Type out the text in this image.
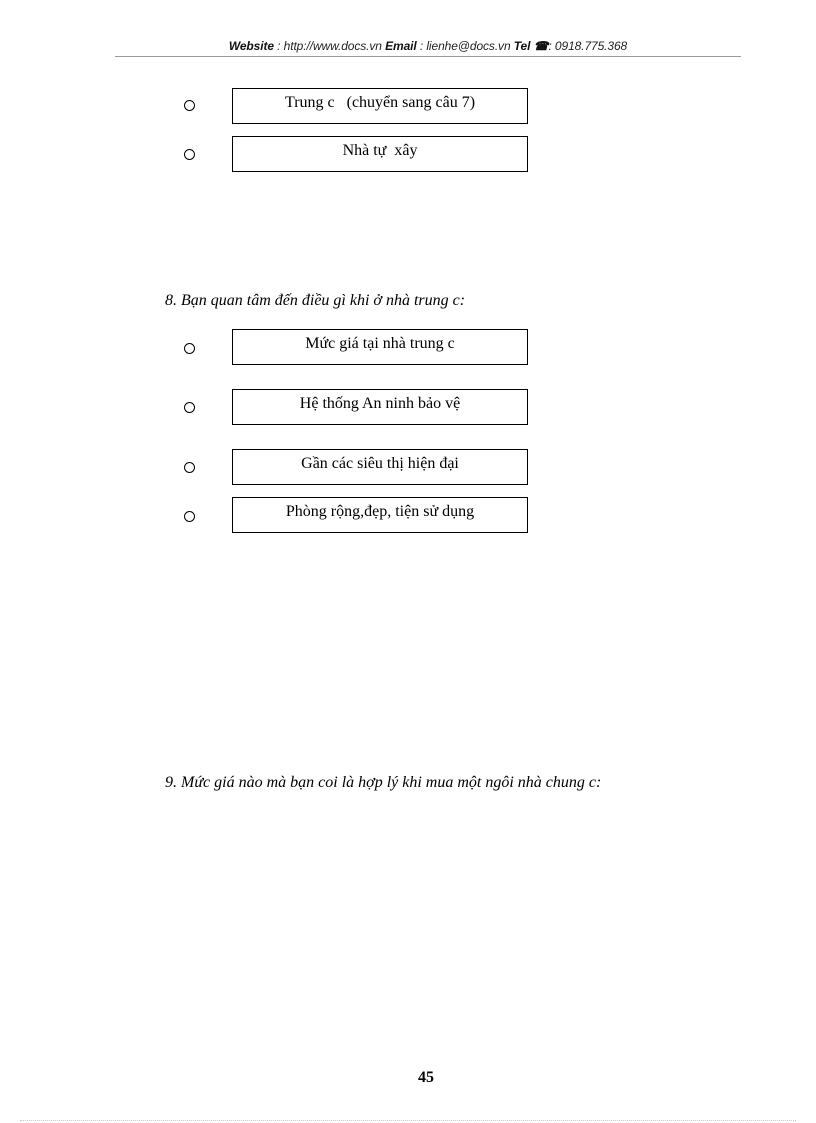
Website : http://www.docs.vn Email : lienhe@docs.vn Tel ☎: 0918.775.368
Trung c   (chuyển sang câu 7)
Nhà tự  xây
8. Bạn quan tâm đến điều gì khi ở nhà trung c:
Mức giá tại nhà trung c
Hệ thống An ninh bảo vệ
Gần các siêu thị hiện đại
Phòng rộng,đẹp, tiện sử dụng
9. Mức giá nào mà bạn coi là hợp lý khi mua một ngôi nhà chung c:
45
